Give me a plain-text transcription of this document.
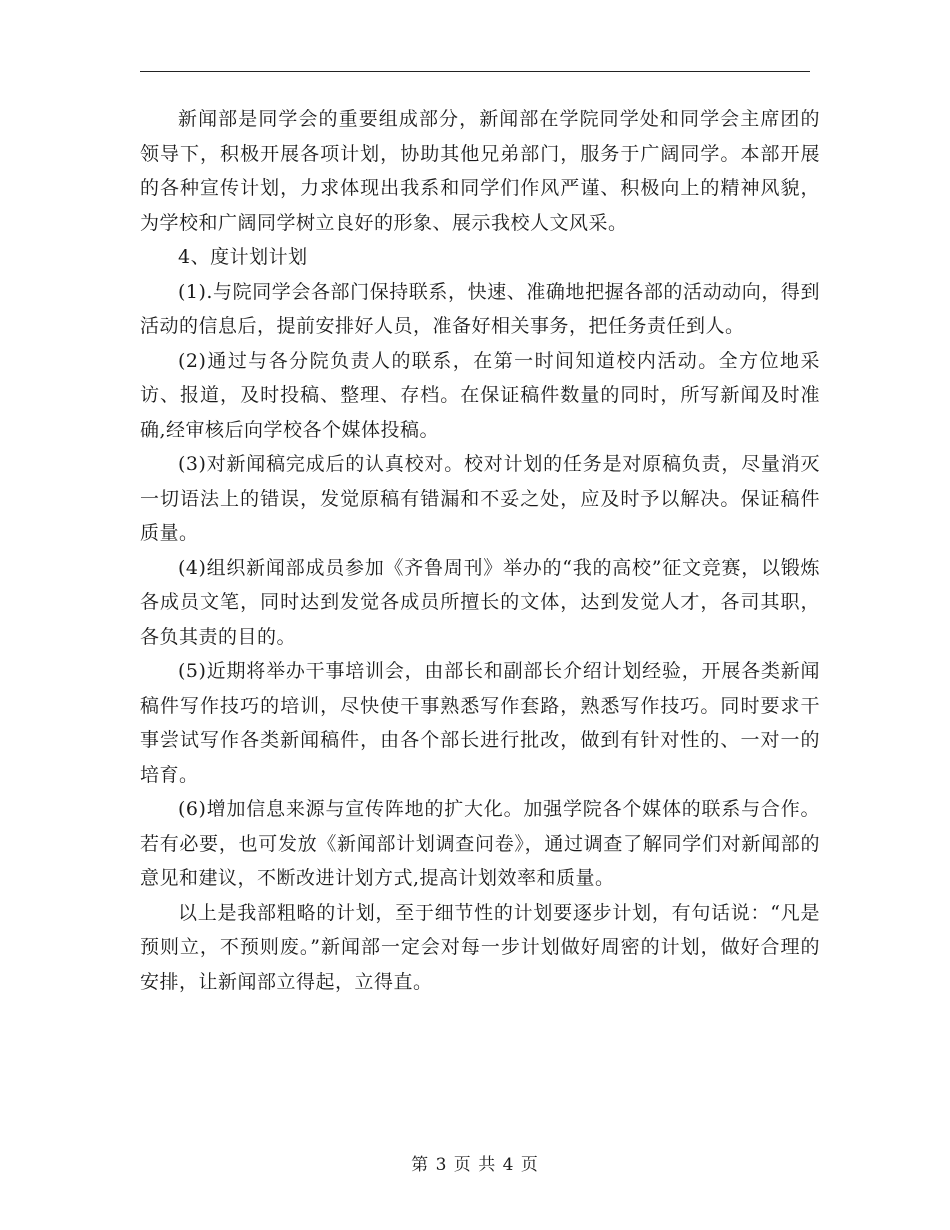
新闻部是同学会的重要组成部分，新闻部在学院同学处和同学会主席团的领导下，积极开展各项计划，协助其他兄弟部门，服务于广阔同学。本部开展的各种宣传计划，力求体现出我系和同学们作风严谨、积极向上的精神风貌，为学校和广阔同学树立良好的形象、展示我校人文风采。

4、度计划计划

(1).与院同学会各部门保持联系，快速、准确地把握各部的活动动向，得到活动的信息后，提前安排好人员，准备好相关事务，把任务责任到人。

(2)通过与各分院负责人的联系，在第一时间知道校内活动。全方位地采访、报道，及时投稿、整理、存档。在保证稿件数量的同时，所写新闻及时准确,经审核后向学校各个媒体投稿。

(3)对新闻稿完成后的认真校对。校对计划的任务是对原稿负责，尽量消灭一切语法上的错误，发觉原稿有错漏和不妥之处，应及时予以解决。保证稿件质量。

(4)组织新闻部成员参加《齐鲁周刊》举办的“我的高校”征文竞赛，以锻炼各成员文笔，同时达到发觉各成员所擅长的文体，达到发觉人才，各司其职，各负其责的目的。

(5)近期将举办干事培训会，由部长和副部长介绍计划经验，开展各类新闻稿件写作技巧的培训，尽快使干事熟悉写作套路，熟悉写作技巧。同时要求干事尝试写作各类新闻稿件，由各个部长进行批改，做到有针对性的、一对一的培育。

(6)增加信息来源与宣传阵地的扩大化。加强学院各个媒体的联系与合作。若有必要，也可发放《新闻部计划调查问卷》，通过调查了解同学们对新闻部的意见和建议，不断改进计划方式,提高计划效率和质量。

以上是我部粗略的计划，至于细节性的计划要逐步计划，有句话说：“凡是预则立，不预则废。”新闻部一定会对每一步计划做好周密的计划，做好合理的安排，让新闻部立得起，立得直。

第 3 页 共 4 页
